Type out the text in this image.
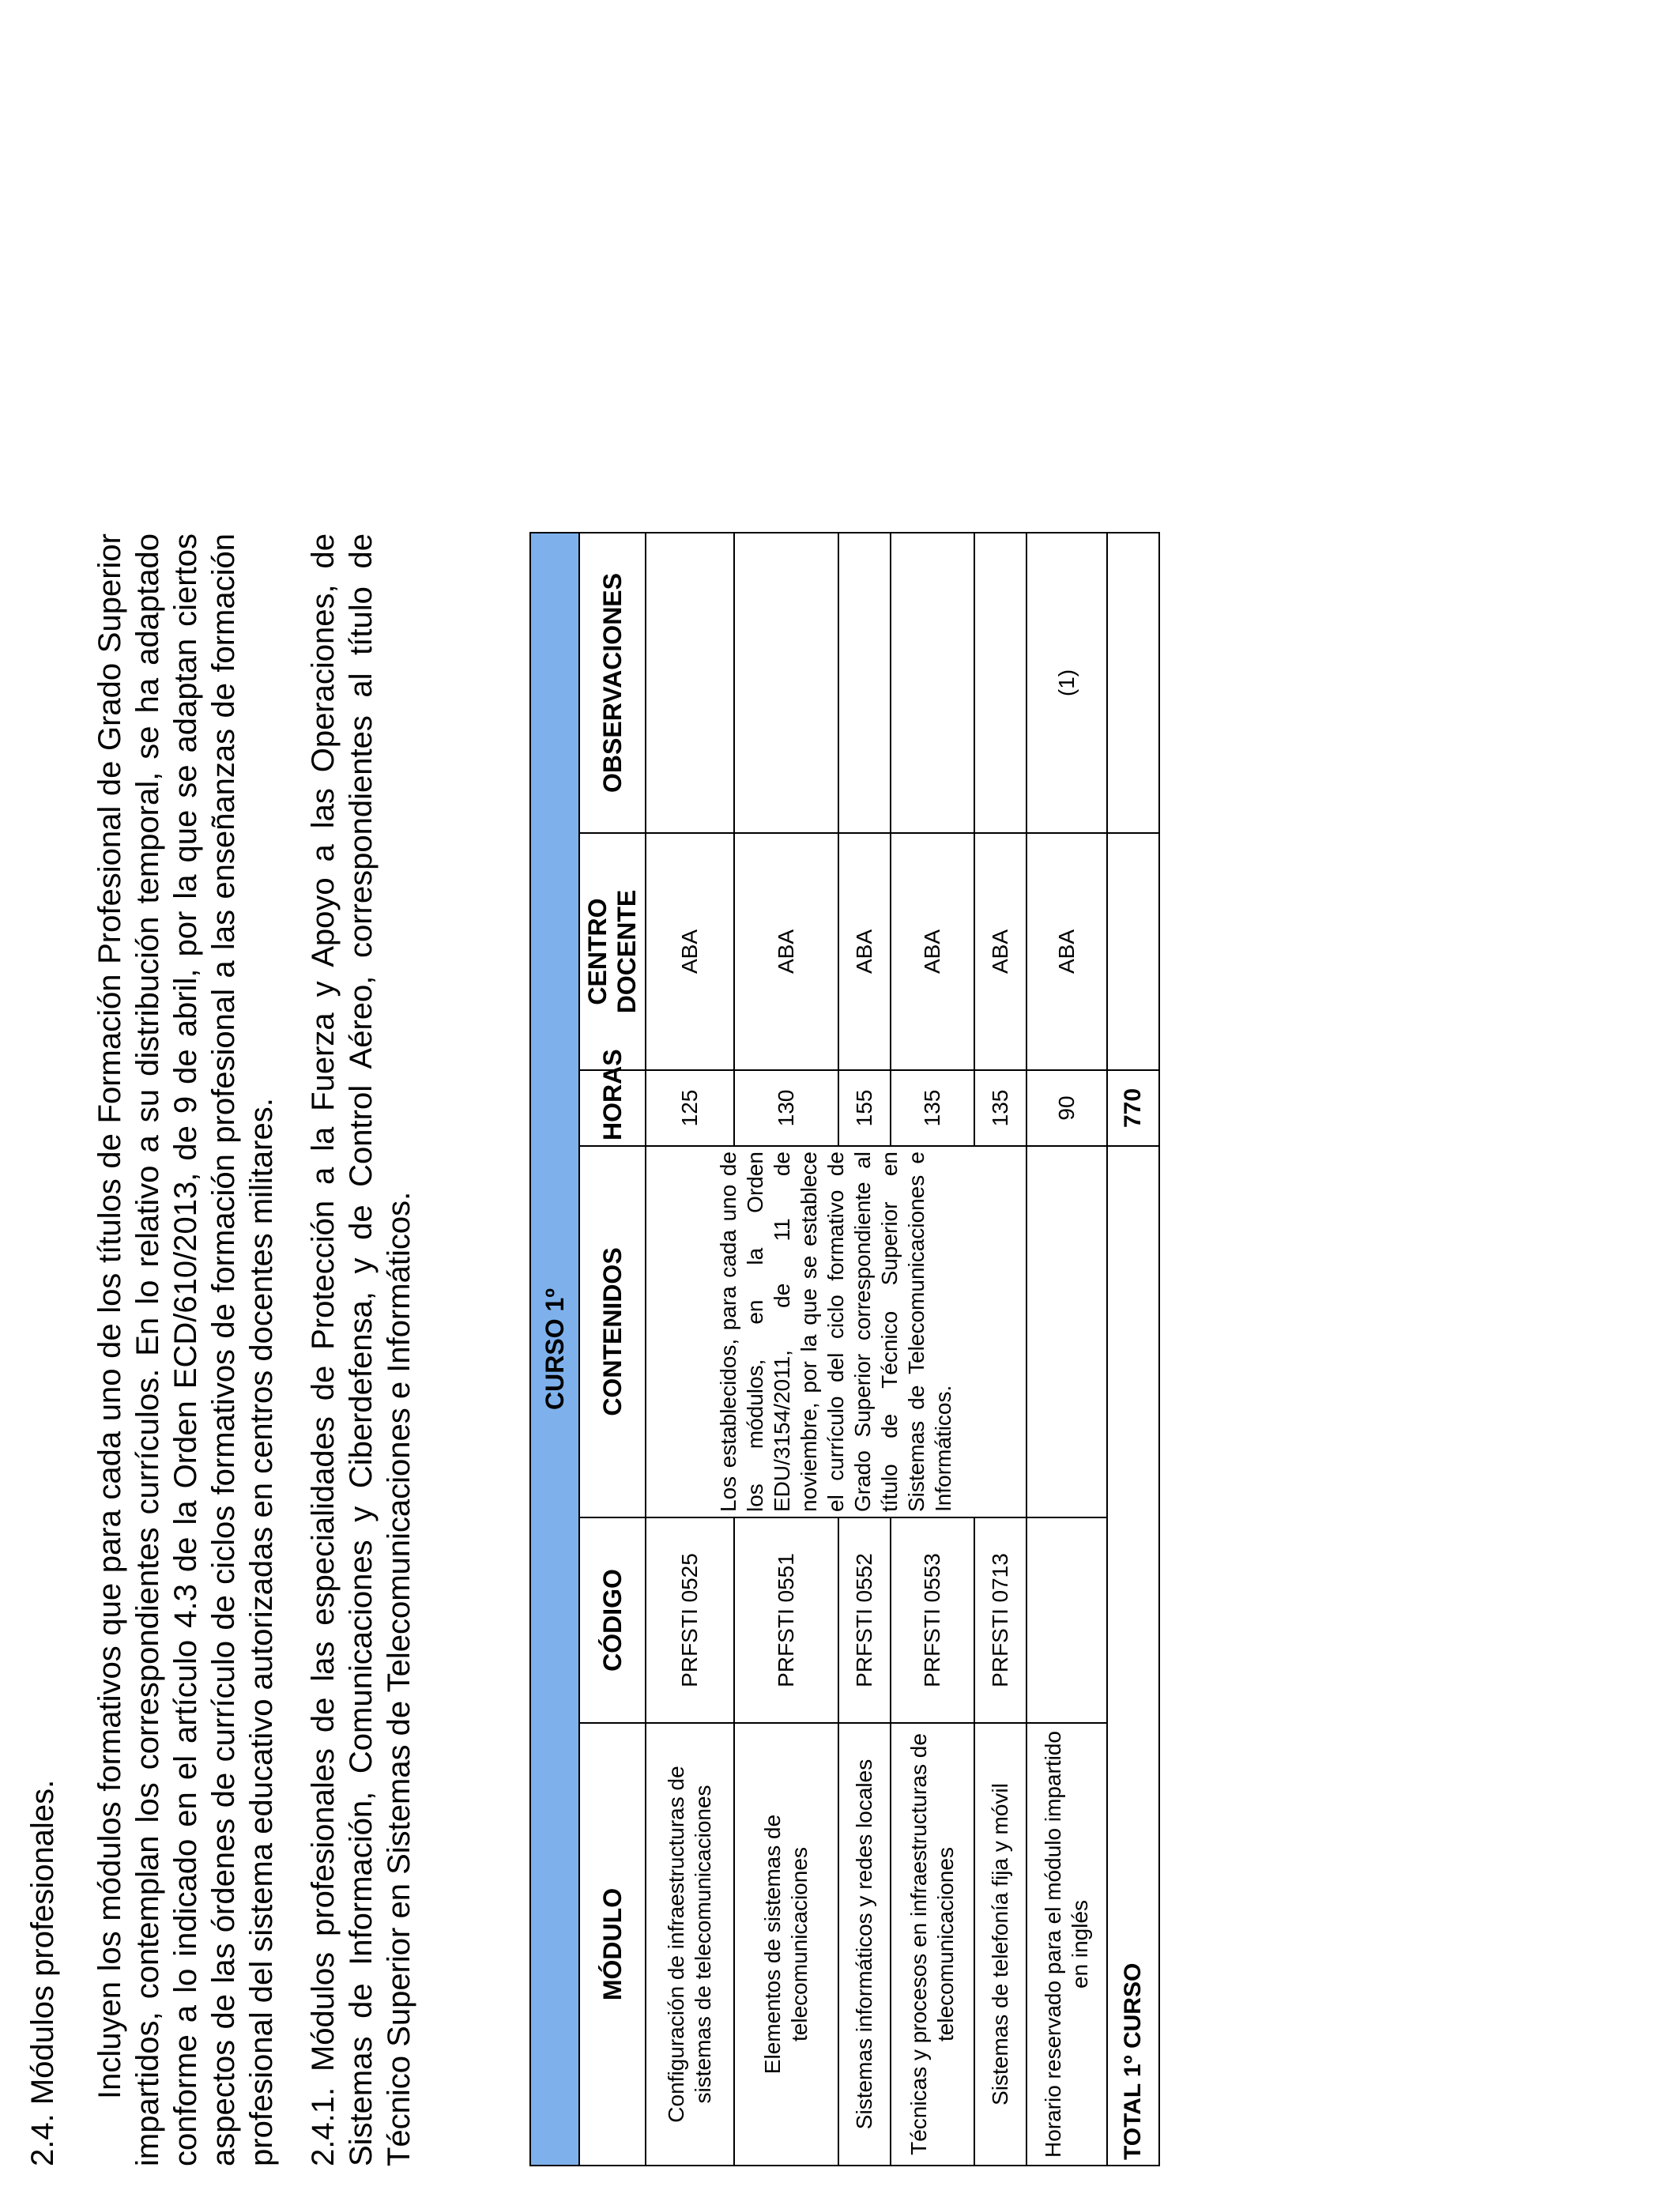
2.4. Módulos profesionales. Incluyen los módulos formativos que para cada uno de los títulos de Formación Profesional de Grado Superior impartidos, contemplan los correspondientes currículos. En lo relativo a su distribución temporal, se ha adaptado conforme a lo indicado en el artículo 4.3 de la Orden ECD/610/2013, de 9 de abril, por la que se adaptan ciertos aspectos de las órdenes de currículo de ciclos formativos de formación profesional a las enseñanzas de formación profesional del sistema educativo autorizadas en centros docentes militares. 2.4.1. Módulos profesionales de las especialidades de Protección a la Fuerza y Apoyo a las Operaciones, de Sistemas de Información, Comunicaciones y Ciberdefensa, y de Control Aéreo, correspondientes al título de Técnico Superior en Sistemas de Telecomunicaciones e Informáticos.	CURSO 1º					
MÓDULO	CÓDIGO	CONTENIDOS	HORAS	CENTRO DOCENTE	OBSERVACIONES
Configuración de infraestructuras de sistemas de telecomunicaciones	PRFSTI 0525	Los establecidos, para cada uno de los módulos, en la Orden EDU/3154/2011, de 11 de noviembre, por la que se establece el currículo del ciclo formativo de Grado Superior correspondiente al título de Técnico Superior en Sistemas de Telecomunicaciones e Informáticos.	125	ABA	
Elementos de sistemas de telecomunicaciones	PRFSTI 0551		130	ABA	
Sistemas informáticos y redes locales	PRFSTI 0552		155	ABA	
Técnicas y procesos en infraestructuras de telecomunicaciones	PRFSTI 0553		135	ABA	
Sistemas de telefonía fija y móvil	PRFSTI 0713		135	ABA	
Horario reservado para el módulo impartido en inglés			90	ABA	(1)
TOTAL 1º CURSO			770		
